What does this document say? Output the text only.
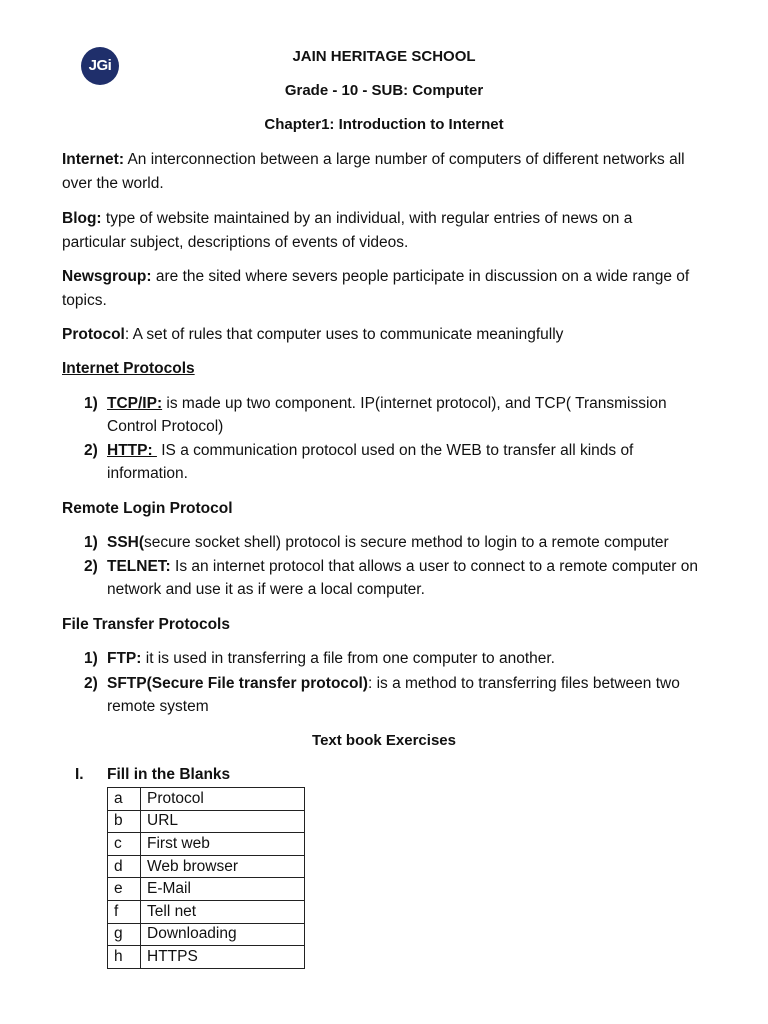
JGi
JAIN HERITAGE SCHOOL
Grade - 10 - SUB: Computer
Chapter1: Introduction to Internet
Internet: An interconnection between a large number of computers of different networks all
over the world.
Blog: type of website maintained by an individual, with regular entries of news on a
particular subject, descriptions of events of videos.
Newsgroup: are the sited where severs people participate in discussion on a wide range of
topics.
Protocol: A set of rules that computer uses to communicate meaningfully
Internet Protocols
1) TCP/IP: is made up two component. IP(internet protocol), and TCP( Transmission
Control Protocol)
2) HTTP:  IS a communication protocol used on the WEB to transfer all kinds of
information.
Remote Login Protocol
1) SSH(secure socket shell) protocol is secure method to login to a remote computer
2) TELNET: Is an internet protocol that allows a user to connect to a remote computer on
network and use it as if were a local computer.
File Transfer Protocols
1) FTP: it is used in transferring a file from one computer to another.
2) SFTP(Secure File transfer protocol): is a method to transferring files between two
remote system
Text book Exercises
I. Fill in the Blanks
a	Protocol
b	URL
c	First web
d	Web browser
e	E-Mail
f	Tell net
g	Downloading
h	HTTPS
